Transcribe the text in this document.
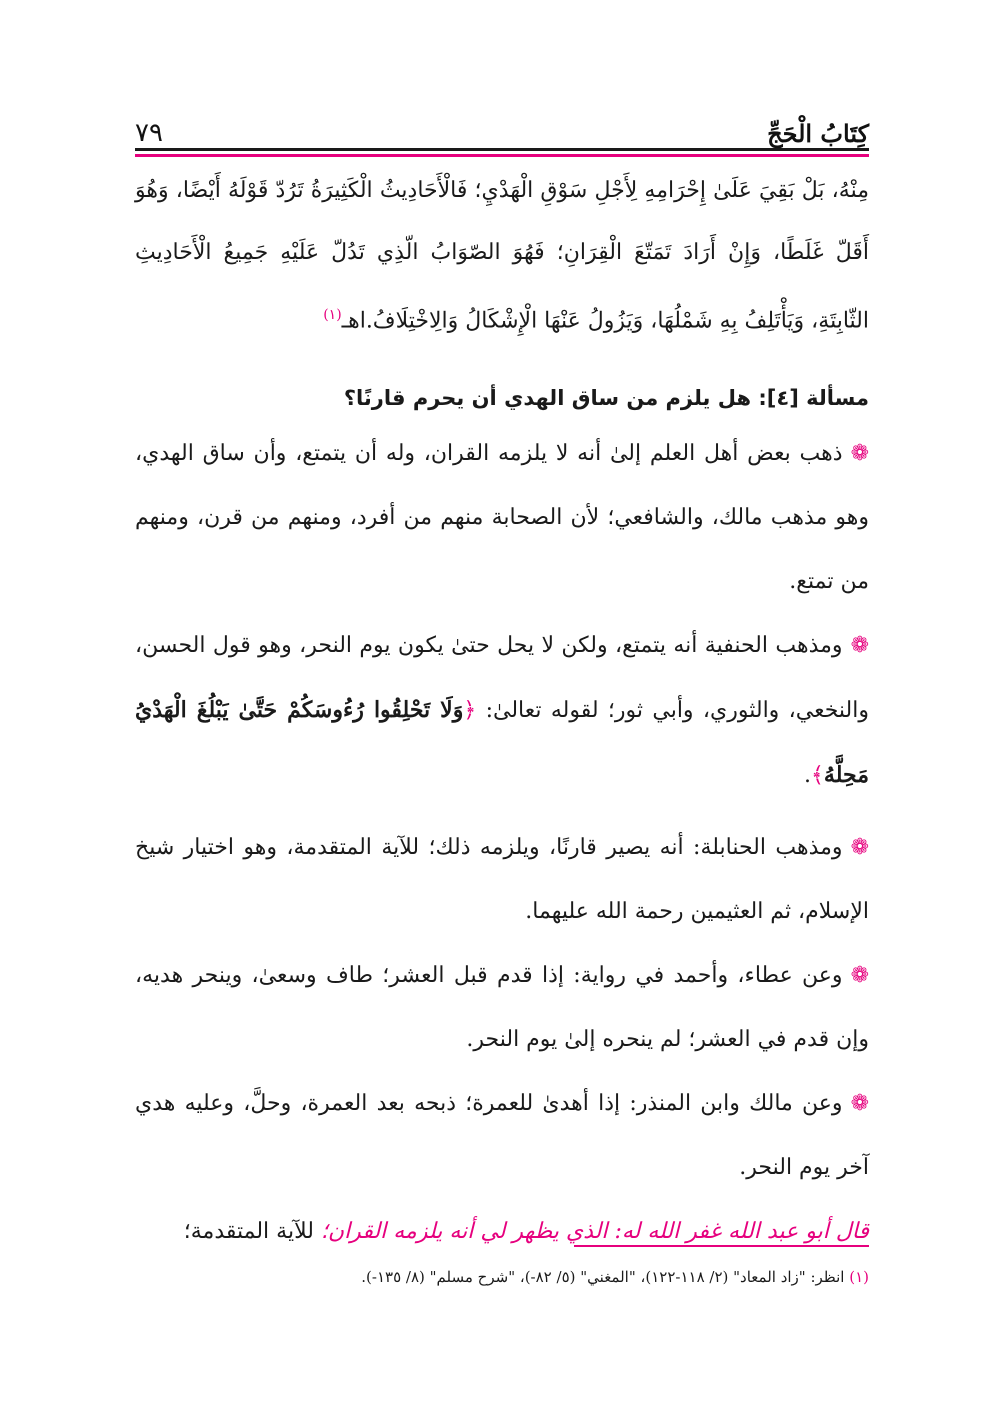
كِتَابُ الْحَجِّ
٧٩

مِنْهُ، بَلْ بَقِيَ عَلَىٰ إِحْرَامِهِ لِأَجْلِ سَوْقِ الْهَدْيِ؛ فَالْأَحَادِيثُ الْكَثِيرَةُ تَرُدّ قَوْلَهُ أَيْضًا، وَهُوَ أَقَلّ غَلَطًا، وَإِنْ أَرَادَ تَمَتّعَ الْقِرَانِ؛ فَهُوَ الصّوَابُ الّذِي تَدُلّ عَلَيْهِ جَمِيعُ الْأَحَادِيثِ الثّابِتَةِ، وَيَأْتَلِفُ بِهِ شَمْلُهَا، وَيَزُولُ عَنْهَا الْإِشْكَالُ وَالِاخْتِلَافُ.اهـ$^{(١)}$

مسألة [٤]: هل يلزم من ساق الهدي أن يحرم قارنًا؟

❁ذهب بعض أهل العلم إلىٰ أنه لا يلزمه القران، وله أن يتمتع، وأن ساق الهدي، وهو مذهب مالك، والشافعي؛ لأن الصحابة منهم من أفرد، ومنهم من قرن، ومنهم من تمتع.

❁ومذهب الحنفية أنه يتمتع، ولكن لا يحل حتىٰ يكون يوم النحر، وهو قول الحسن، والنخعي، والثوري، وأبي ثور؛ لقوله تعالىٰ: ﴿وَلَا تَحْلِقُوا رُءُوسَكُمْ حَتَّىٰ يَبْلُغَ الْهَدْيُ مَحِلَّهُ﴾.

❁ومذهب الحنابلة: أنه يصير قارنًا، ويلزمه ذلك؛ للآية المتقدمة، وهو اختيار شيخ الإسلام، ثم العثيمين رحمة الله عليهما.

❁وعن عطاء، وأحمد في رواية: إذا قدم قبل العشر؛ طاف وسعىٰ، وينحر هديه، وإن قدم في العشر؛ لم ينحره إلىٰ يوم النحر.

❁وعن مالك وابن المنذر: إذا أهدىٰ للعمرة؛ ذبحه بعد العمرة، وحلَّ، وعليه هدي آخر يوم النحر.

قال أبو عبد الله غفر الله له: الذي يظهر لي أنه يلزمه القران؛ للآية المتقدمة؛

(١) انظر: "زاد المعاد" (٢/ ١١٨-١٢٢)، "المغني" (٥/ ٨٢-)، "شرح مسلم" (٨/ ١٣٥-).
